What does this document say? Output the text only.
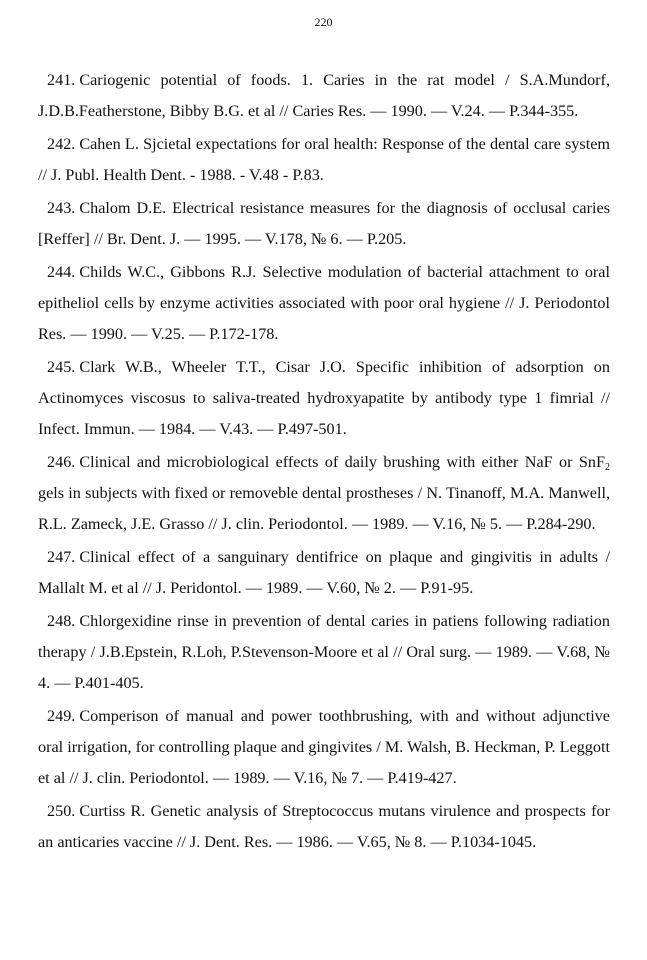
220

241. Cariogenic potential of foods. 1. Caries in the rat model / S.A.Mundorf, J.D.B.Featherstone, Bibby B.G. et al // Caries Res. — 1990. — V.24. — P.344-355.

242. Cahen L. Sjcietal expectations for oral health: Response of the dental care system // J. Publ. Health Dent. - 1988. - V.48 - P.83.

243. Chalom D.E. Electrical resistance measures for the diagnosis of occlusal caries [Reffer] // Br. Dent. J. — 1995. — V.178, № 6. — P.205.

244. Childs W.C., Gibbons R.J. Selective modulation of bacterial attachment to oral epitheliol cells by enzyme activities associated with poor oral hygiene // J. Periodontol Res. — 1990. — V.25. — P.172-178.

245. Clark W.B., Wheeler T.T., Cisar J.O. Specific inhibition of adsorption on Actinomyces viscosus to saliva-treated hydroxyapatite by antibody type 1 fimrial // Infect. Immun. — 1984. — V.43. — P.497-501.

246. Clinical and microbiological effects of daily brushing with either NaF or SnF$_2$ gels in subjects with fixed or removeble dental prostheses / N. Tinanoff, M.A. Manwell, R.L. Zameck, J.E. Grasso // J. clin. Periodontol. — 1989. — V.16, № 5. — P.284-290.

247. Clinical effect of a sanguinary dentifrice on plaque and gingivitis in adults / Mallalt M. et al // J. Peridontol. — 1989. — V.60, № 2. — P.91-95.

248. Chlorgexidine rinse in prevention of dental caries in patiens following radiation therapy / J.B.Epstein, R.Loh, P.Stevenson-Moore et al // Oral surg. — 1989. — V.68, № 4. — P.401-405.

249. Comperison of manual and power toothbrushing, with and without adjunctive oral irrigation, for controlling plaque and gingivites / M. Walsh, B. Heckman, P. Leggott et al // J. clin. Periodontol. — 1989. — V.16, № 7. — P.419-427.

250. Curtiss R. Genetic analysis of Streptococcus mutans virulence and prospects for an anticaries vaccine // J. Dent. Res. — 1986. — V.65, № 8. — P.1034-1045.
